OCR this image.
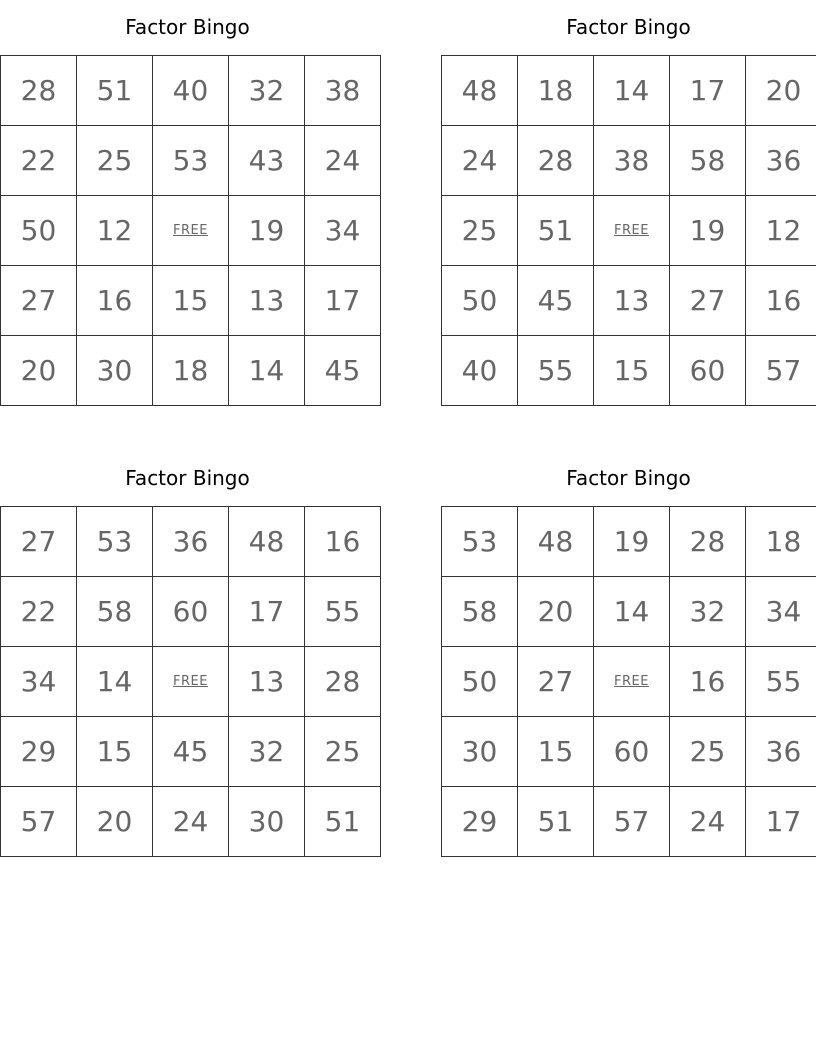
Factor Bingo
28	51	40	32	38
22	25	53	43	24
50	12	FREE	19	34
27	16	15	13	17
20	30	18	14	45
Factor Bingo
48	18	14	17	20
24	28	38	58	36
25	51	FREE	19	12
50	45	13	27	16
40	55	15	60	57
Factor Bingo
27	53	36	48	16
22	58	60	17	55
34	14	FREE	13	28
29	15	45	32	25
57	20	24	30	51
Factor Bingo
53	48	19	28	18
58	20	14	32	34
50	27	FREE	16	55
30	15	60	25	36
29	51	57	24	17
